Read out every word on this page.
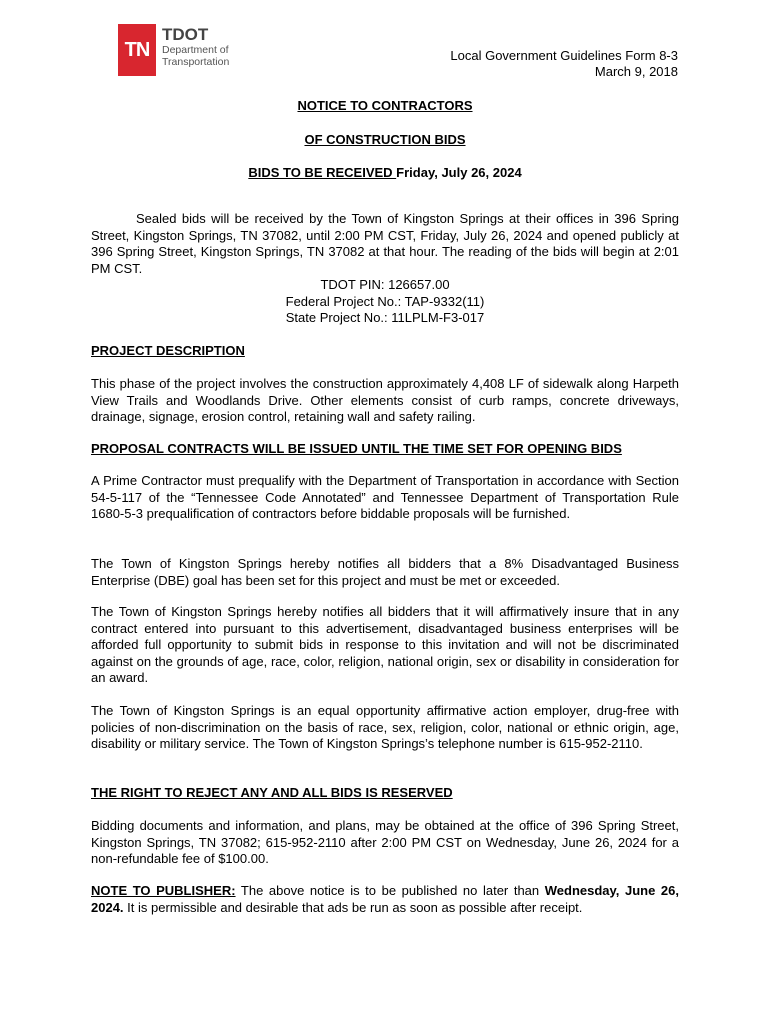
TN
TDOT
Department of
Transportation	Local Government Guidelines Form 8-3
March 9, 2018
NOTICE TO CONTRACTORS
OF CONSTRUCTION BIDS
BIDS TO BE RECEIVED Friday, July 26, 2024
Sealed bids will be received by the Town of Kingston Springs at their offices in 396 Spring Street, Kingston Springs, TN 37082, until 2:00 PM CST, Friday, July 26, 2024 and opened publicly at 396 Spring Street, Kingston Springs, TN 37082 at that hour. The reading of the bids will begin at 2:01 PM CST.
TDOT PIN: 126657.00
Federal Project No.: TAP-9332(11)
State Project No.: 11LPLM-F3-017
PROJECT DESCRIPTION
This phase of the project involves the construction approximately 4,408 LF of sidewalk along Harpeth View Trails and Woodlands Drive. Other elements consist of curb ramps, concrete driveways, drainage, signage, erosion control, retaining wall and safety railing.
PROPOSAL CONTRACTS WILL BE ISSUED UNTIL THE TIME SET FOR OPENING BIDS
A Prime Contractor must prequalify with the Department of Transportation in accordance with Section 54-5-117 of the “Tennessee Code Annotated” and Tennessee Department of Transportation Rule 1680-5-3 prequalification of contractors before biddable proposals will be furnished.
The Town of Kingston Springs hereby notifies all bidders that a 8% Disadvantaged Business Enterprise (DBE) goal has been set for this project and must be met or exceeded.
The Town of Kingston Springs hereby notifies all bidders that it will affirmatively insure that in any contract entered into pursuant to this advertisement, disadvantaged business enterprises will be afforded full opportunity to submit bids in response to this invitation and will not be discriminated against on the grounds of age, race, color, religion, national origin, sex or disability in consideration for an award.
The Town of Kingston Springs is an equal opportunity affirmative action employer, drug-free with policies of non-discrimination on the basis of race, sex, religion, color, national or ethnic origin, age, disability or military service. The Town of Kingston Springs’s telephone number is 615-952-2110.
THE RIGHT TO REJECT ANY AND ALL BIDS IS RESERVED
Bidding documents and information, and plans, may be obtained at the office of 396 Spring Street, Kingston Springs, TN 37082; 615-952-2110 after 2:00 PM CST on Wednesday, June 26, 2024 for a non-refundable fee of $100.00.
NOTE TO PUBLISHER: The above notice is to be published no later than Wednesday, June 26, 2024. It is permissible and desirable that ads be run as soon as possible after receipt.
